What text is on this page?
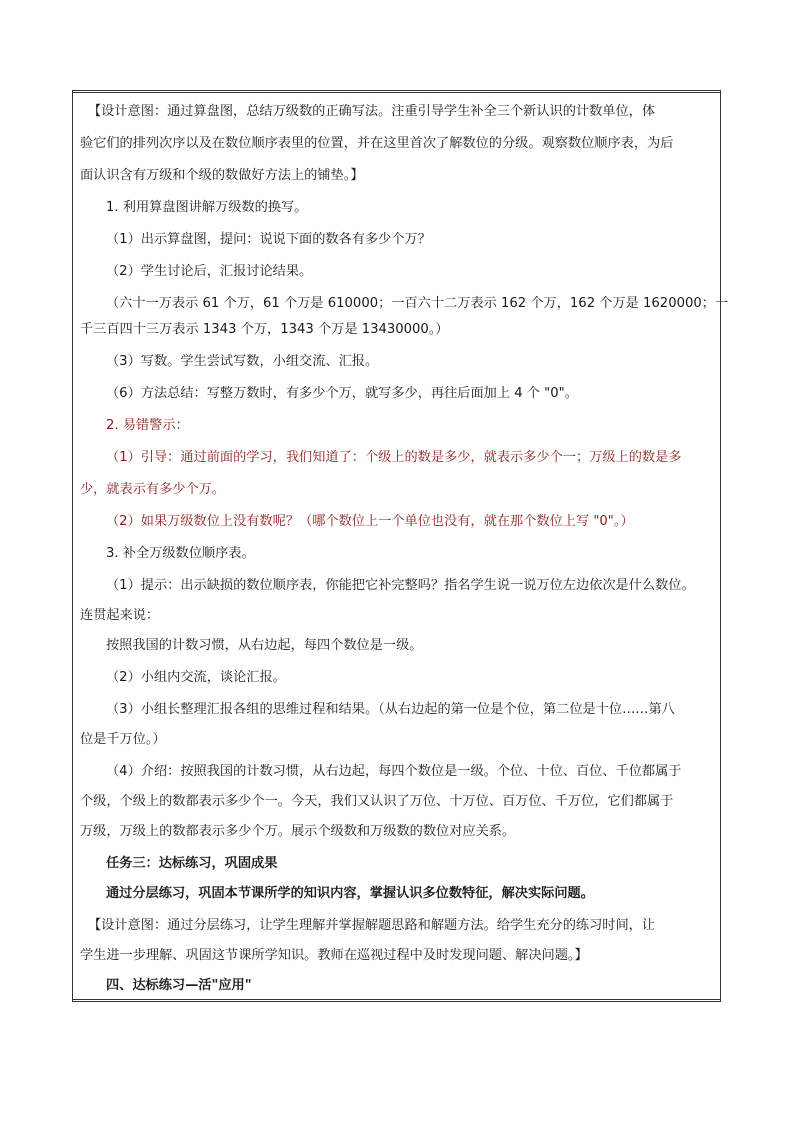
【设计意图：通过算盘图，总结万级数的正确写法。注重引导学生补全三个新认识的计数单位，体
验它们的排列次序以及在数位顺序表里的位置，并在这里首次了解数位的分级。观察数位顺序表，为后
面认识含有万级和个级的数做好方法上的铺垫。】
1. 利用算盘图讲解万级数的换写。
（1）出示算盘图，提问：说说下面的数各有多少个万？
（2）学生讨论后，汇报讨论结果。
（六十一万表示 61 个万，61 个万是 610000；一百六十二万表示 162 个万，162 个万是 1620000；一
千三百四十三万表示 1343 个万，1343 个万是 13430000。）
（3）写数。学生尝试写数，小组交流、汇报。
（6）方法总结：写整万数时，有多少个万，就写多少，再往后面加上 4 个 "0"。
2. 易错警示：
（1）引导：通过前面的学习，我们知道了：个级上的数是多少，就表示多少个一；万级上的数是多
少，就表示有多少个万。
（2）如果万级数位上没有数呢？（哪个数位上一个单位也没有，就在那个数位上写 "0"。）
3. 补全万级数位顺序表。
（1）提示：出示缺损的数位顺序表，你能把它补完整吗？指名学生说一说万位左边依次是什么数位。
连贯起来说：
按照我国的计数习惯，从右边起，每四个数位是一级。
（2）小组内交流，谈论汇报。
（3）小组长整理汇报各组的思维过程和结果。（从右边起的第一位是个位，第二位是十位……第八
位是千万位。）
（4）介绍：按照我国的计数习惯，从右边起，每四个数位是一级。个位、十位、百位、千位都属于
个级，个级上的数都表示多少个一。今天，我们又认识了万位、十万位、百万位、千万位，它们都属于
万级，万级上的数都表示多少个万。展示个级数和万级数的数位对应关系。
任务三：达标练习，巩固成果
通过分层练习，巩固本节课所学的知识内容，掌握认识多位数特征，解决实际问题。
【设计意图：通过分层练习，让学生理解并掌握解题思路和解题方法。给学生充分的练习时间，让
学生进一步理解、巩固这节课所学知识。教师在巡视过程中及时发现问题、解决问题。】
四、达标练习—活"应用"
